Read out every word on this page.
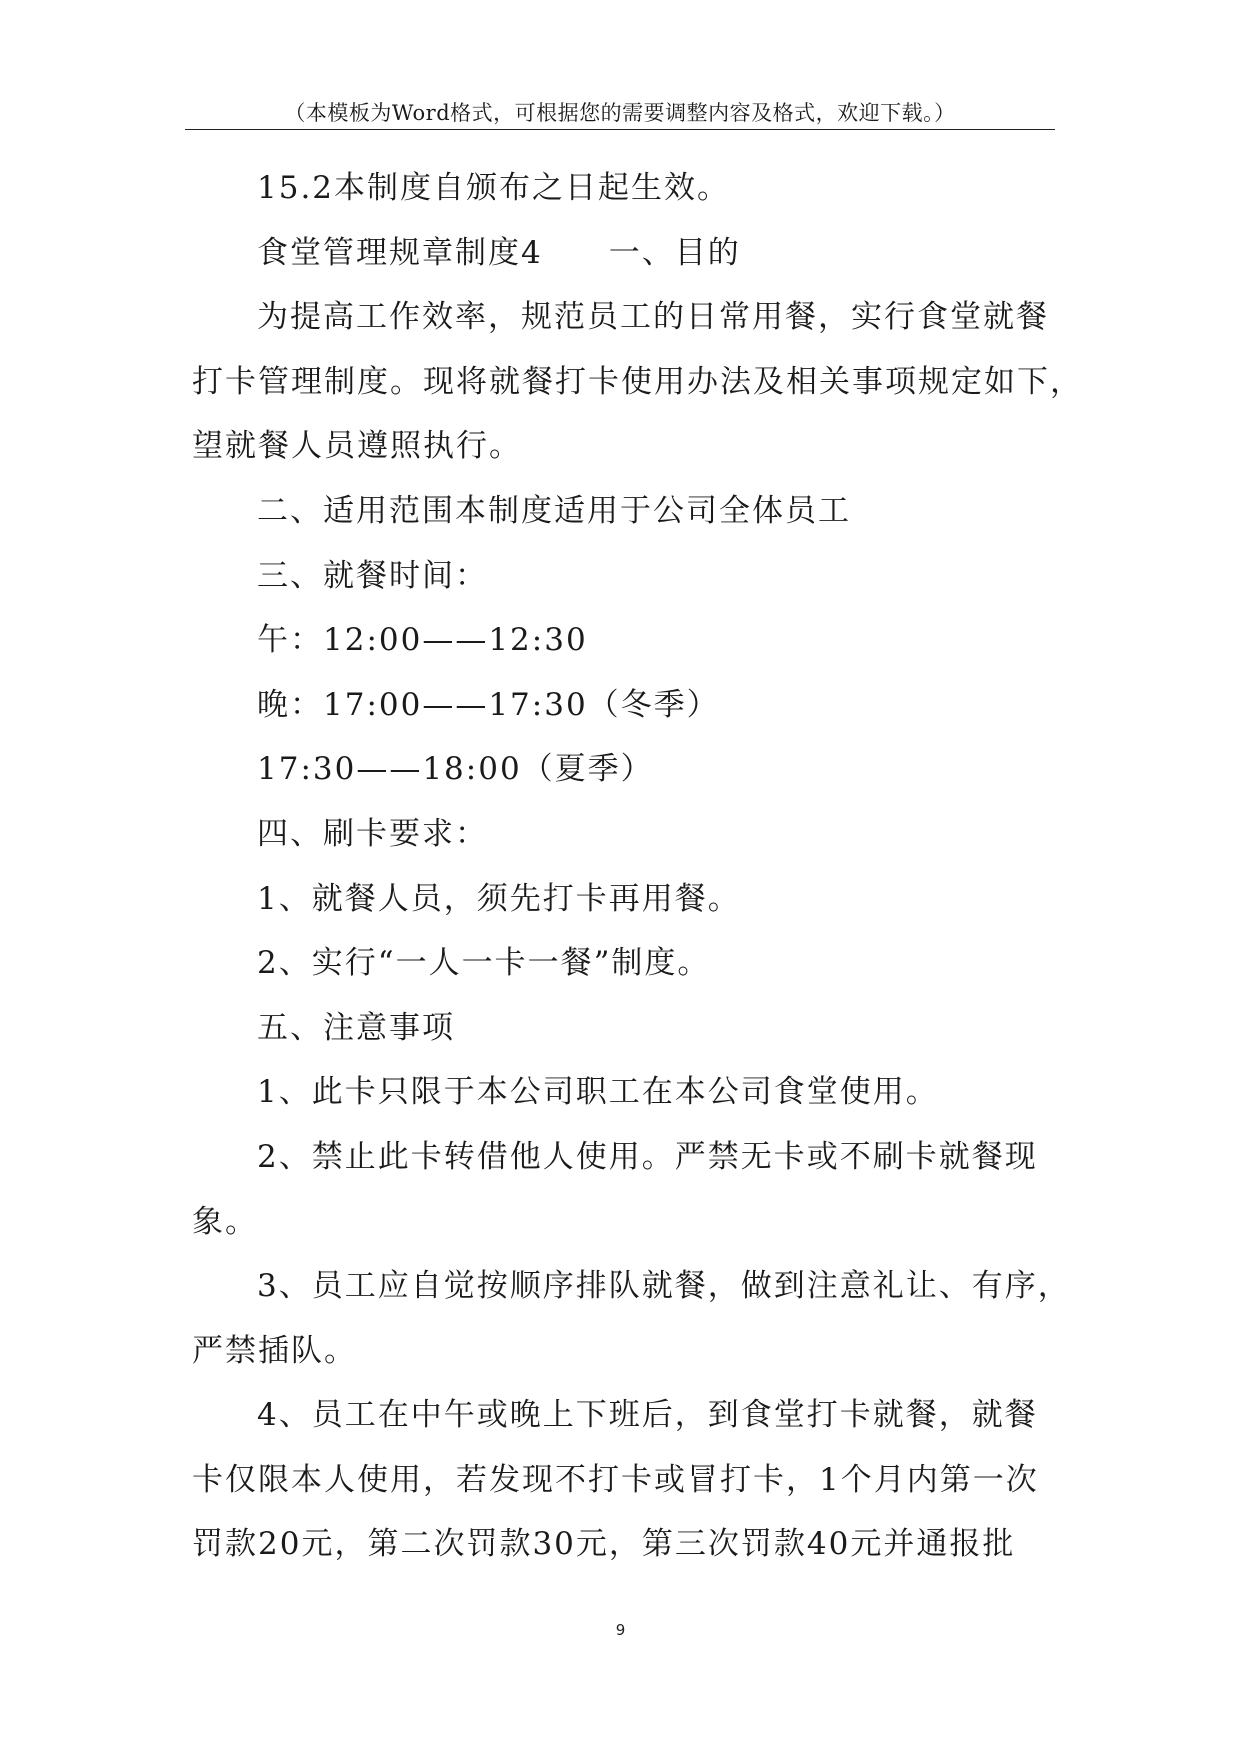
（本模板为Word格式，可根据您的需要调整内容及格式，欢迎下载。）
15.2本制度自颁布之日起生效。
食堂管理规章制度4 一、目的
为提高工作效率，规范员工的日常用餐，实行食堂就餐
打卡管理制度。现将就餐打卡使用办法及相关事项规定如下，
望就餐人员遵照执行。
二、适用范围本制度适用于公司全体员工
三、就餐时间：
午：12:00——12:30
晚：17:00——17:30（冬季）
17:30——18:00（夏季）
四、刷卡要求：
1、就餐人员，须先打卡再用餐。
2、实行“一人一卡一餐”制度。
五、注意事项
1、此卡只限于本公司职工在本公司食堂使用。
2、禁止此卡转借他人使用。严禁无卡或不刷卡就餐现
象。
3、员工应自觉按顺序排队就餐，做到注意礼让、有序，
严禁插队。
4、员工在中午或晚上下班后，到食堂打卡就餐，就餐
卡仅限本人使用，若发现不打卡或冒打卡，1个月内第一次
罚款20元，第二次罚款30元，第三次罚款40元并通报批
9
